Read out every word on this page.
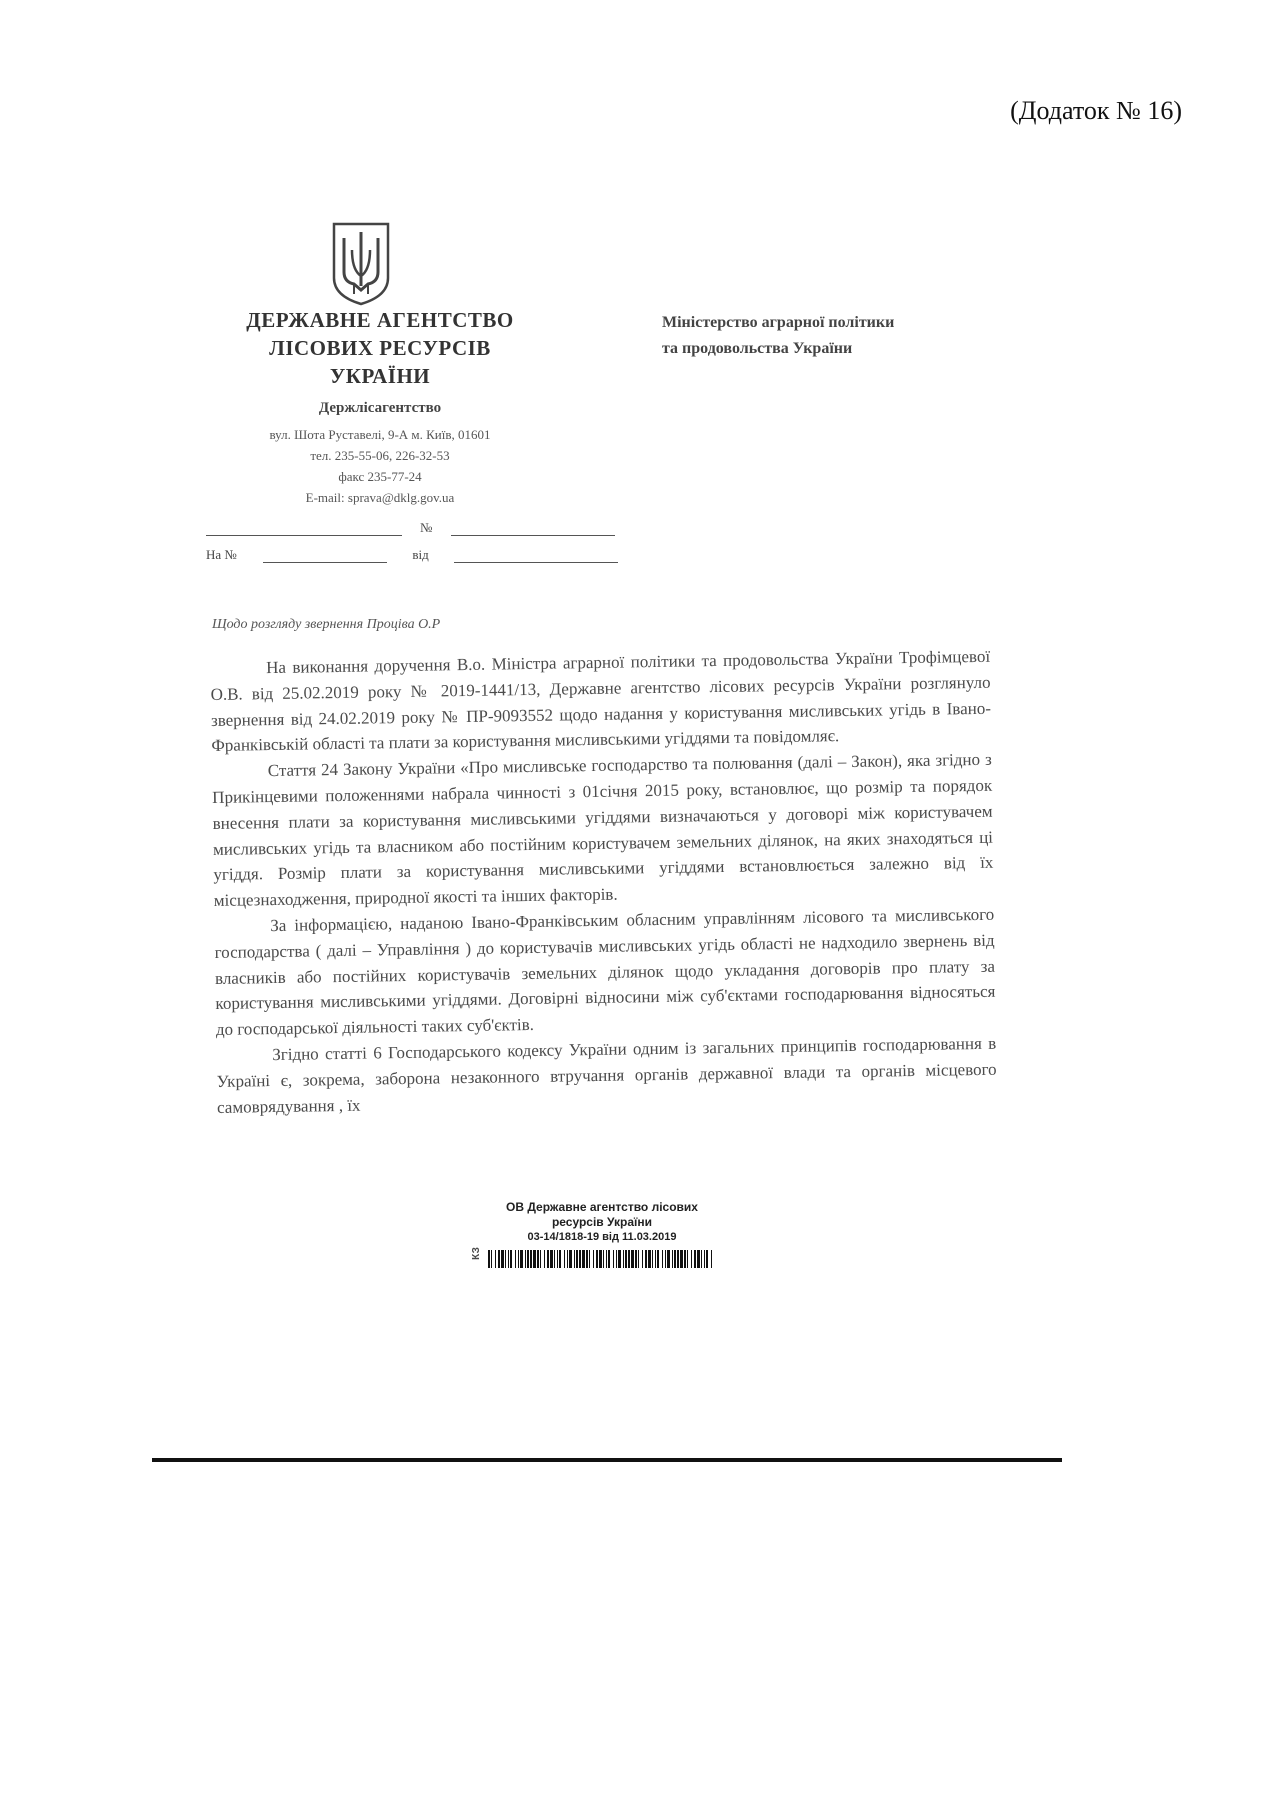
(Додаток № 16)
ДЕРЖАВНЕ АГЕНТСТВО
ЛІСОВИХ РЕСУРСІВ
УКРАЇНИ
Держлісагентство
вул. Шота Руставелі, 9-А м. Київ, 01601
тел. 235-55-06, 226-32-53
факс 235-77-24
E-mail: sprava@dklg.gov.ua
№
На №	від
Міністерство аграрної політики
та продовольства України
Щодо розгляду звернення Проціва О.Р

На виконання доручення В.о. Міністра аграрної політики та продовольства України Трофімцевої О.В. від 25.02.2019 року № 2019-1441/13, Державне агентство лісових ресурсів України розглянуло звернення від 24.02.2019 року № ПР-9093552 щодо надання у користування мисливських угідь в Івано-Франківській області та плати за користування мисливськими угіддями та повідомляє.

Стаття 24 Закону України «Про мисливське господарство та полювання (далі – Закон), яка згідно з Прикінцевими положеннями набрала чинності з 01січня 2015 року, встановлює, що розмір та порядок внесення плати за користування мисливськими угіддями визначаються у договорі між користувачем мисливських угідь та власником або постійним користувачем земельних ділянок, на яких знаходяться ці угіддя. Розмір плати за користування мисливськими угіддями встановлюється залежно від їх місцезнаходження, природної якості та інших факторів.

За інформацією, наданою Івано-Франківським обласним управлінням лісового та мисливського господарства ( далі – Управління ) до користувачів мисливських угідь області не надходило звернень від власників або постійних користувачів земельних ділянок щодо укладання договорів про плату за користування мисливськими угіддями. Договірні відносини між суб'єктами господарювання відносяться до господарської діяльності таких суб'єктів.

Згідно статті 6 Господарського кодексу України одним із загальних принципів господарювання в Україні є, зокрема, заборона незаконного втручання органів державної влади та органів місцевого самоврядування , їх

ОВ Державне агентство лісових
ресурсів України
03-14/1818-19 від 11.03.2019
КЗ
